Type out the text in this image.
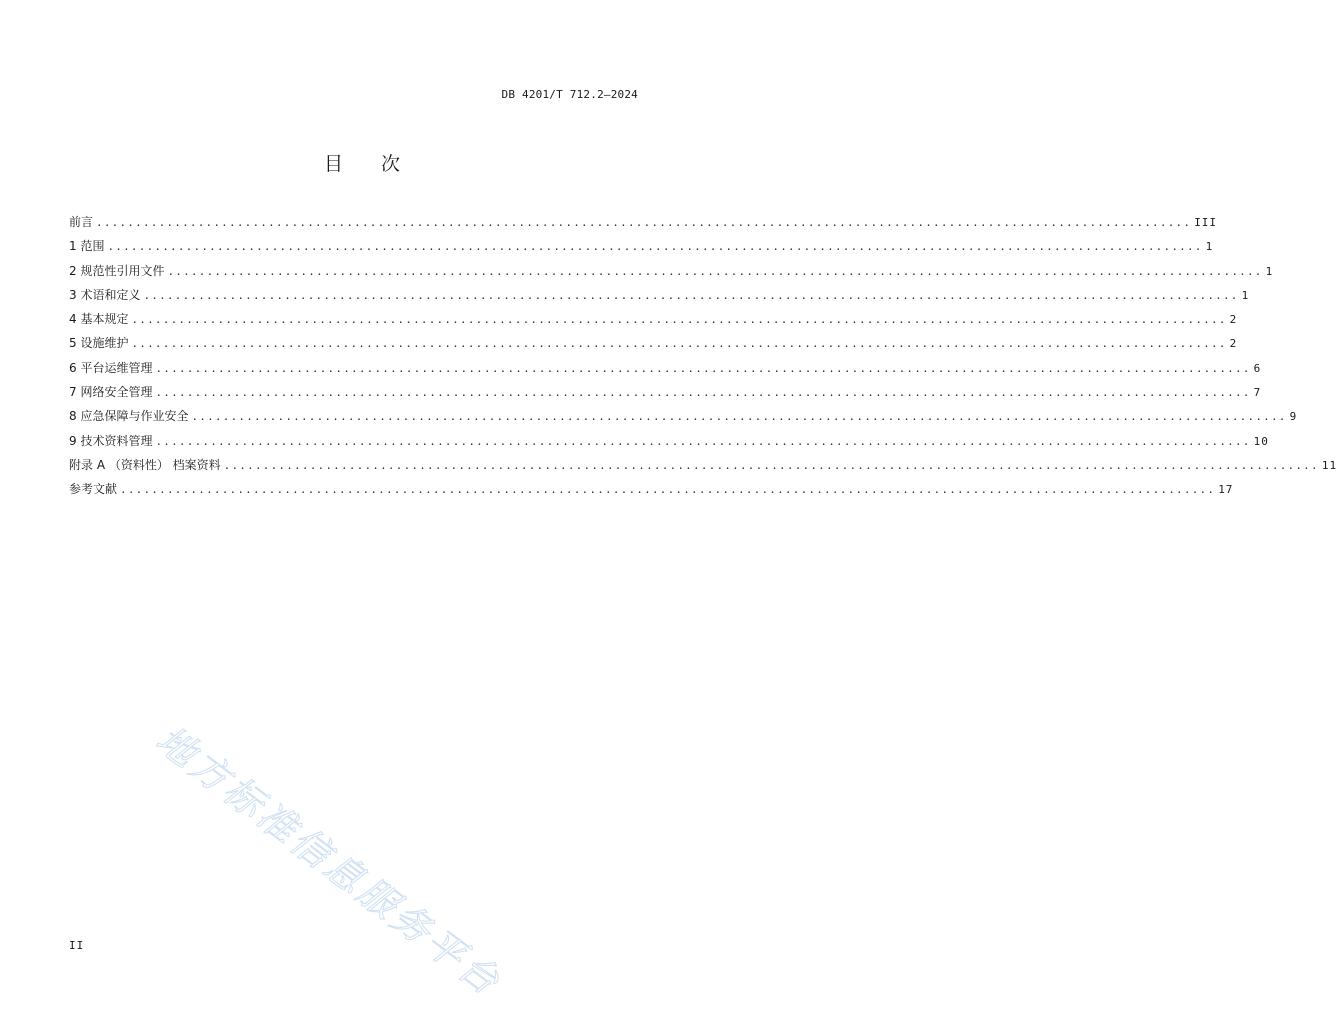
DB 4201/T 712.2—2024
目次
前言 ............................................................................................................................................ III
1 范围 ............................................................................................................................................ 1
2 规范性引用文件 ............................................................................................................................................ 1
3 术语和定义 ............................................................................................................................................ 1
4 基本规定 ............................................................................................................................................ 2
5 设施维护 ............................................................................................................................................ 2
6 平台运维管理 ............................................................................................................................................ 6
7 网络安全管理 ............................................................................................................................................ 7
8 应急保障与作业安全 ............................................................................................................................................ 9
9 技术资料管理 ............................................................................................................................................ 10
附录 A （资料性） 档案资料 ............................................................................................................................................ 11
参考文献 ............................................................................................................................................ 17
地方标准信息服务平台
II
